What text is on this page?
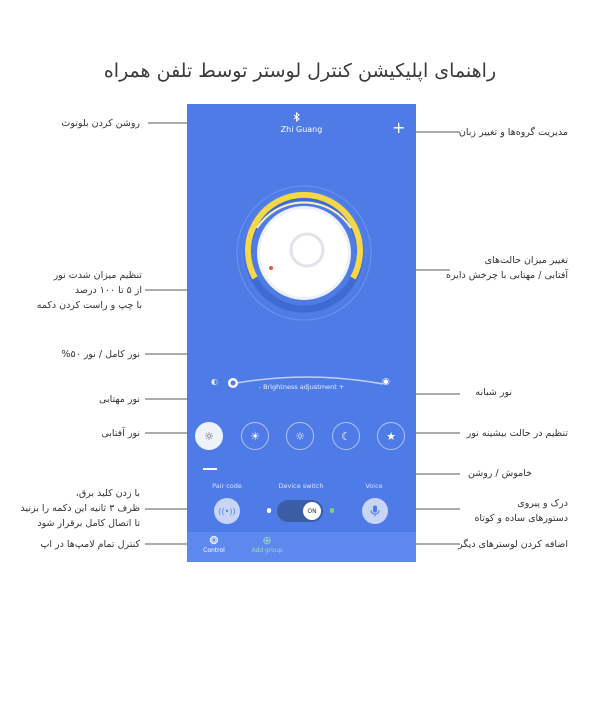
راهنمای اپلیکیشن کنترل لوستر توسط تلفن همراه
روشن کردن بلوتوث
تنظیم میزان شدت نور
از ۵ تا ۱۰۰ درصد
با چپ و راست کردن دکمه
نور کامل / نور ۵۰%
نور مهتابی
نور آفتابی
با زدن کلید برق،
ظرف ۳ ثانیه این دکمه را بزنید
تا اتصال کامل برقرار شود
کنترل تمام لامپ‌ها در اپ
مدیریت گروه‌ها و تغییر زبان
تغییر میزان حالت‌های
آفتابی / مهتابی با چرخش دایره
نور شبانه
تنظیم در حالت بیشینه نور
خاموش / روشن
درک و پیروی
دستورهای ساده و کوتاه
اضافه کردن لوسترهای دیگر
Zhi Guang	+
◐	◉
- Brightness adjustment +
☼	☀	☼	☾	★
Pair code	Device switch	Voice
((•))	ON
❂
Control
⊕
Add group
